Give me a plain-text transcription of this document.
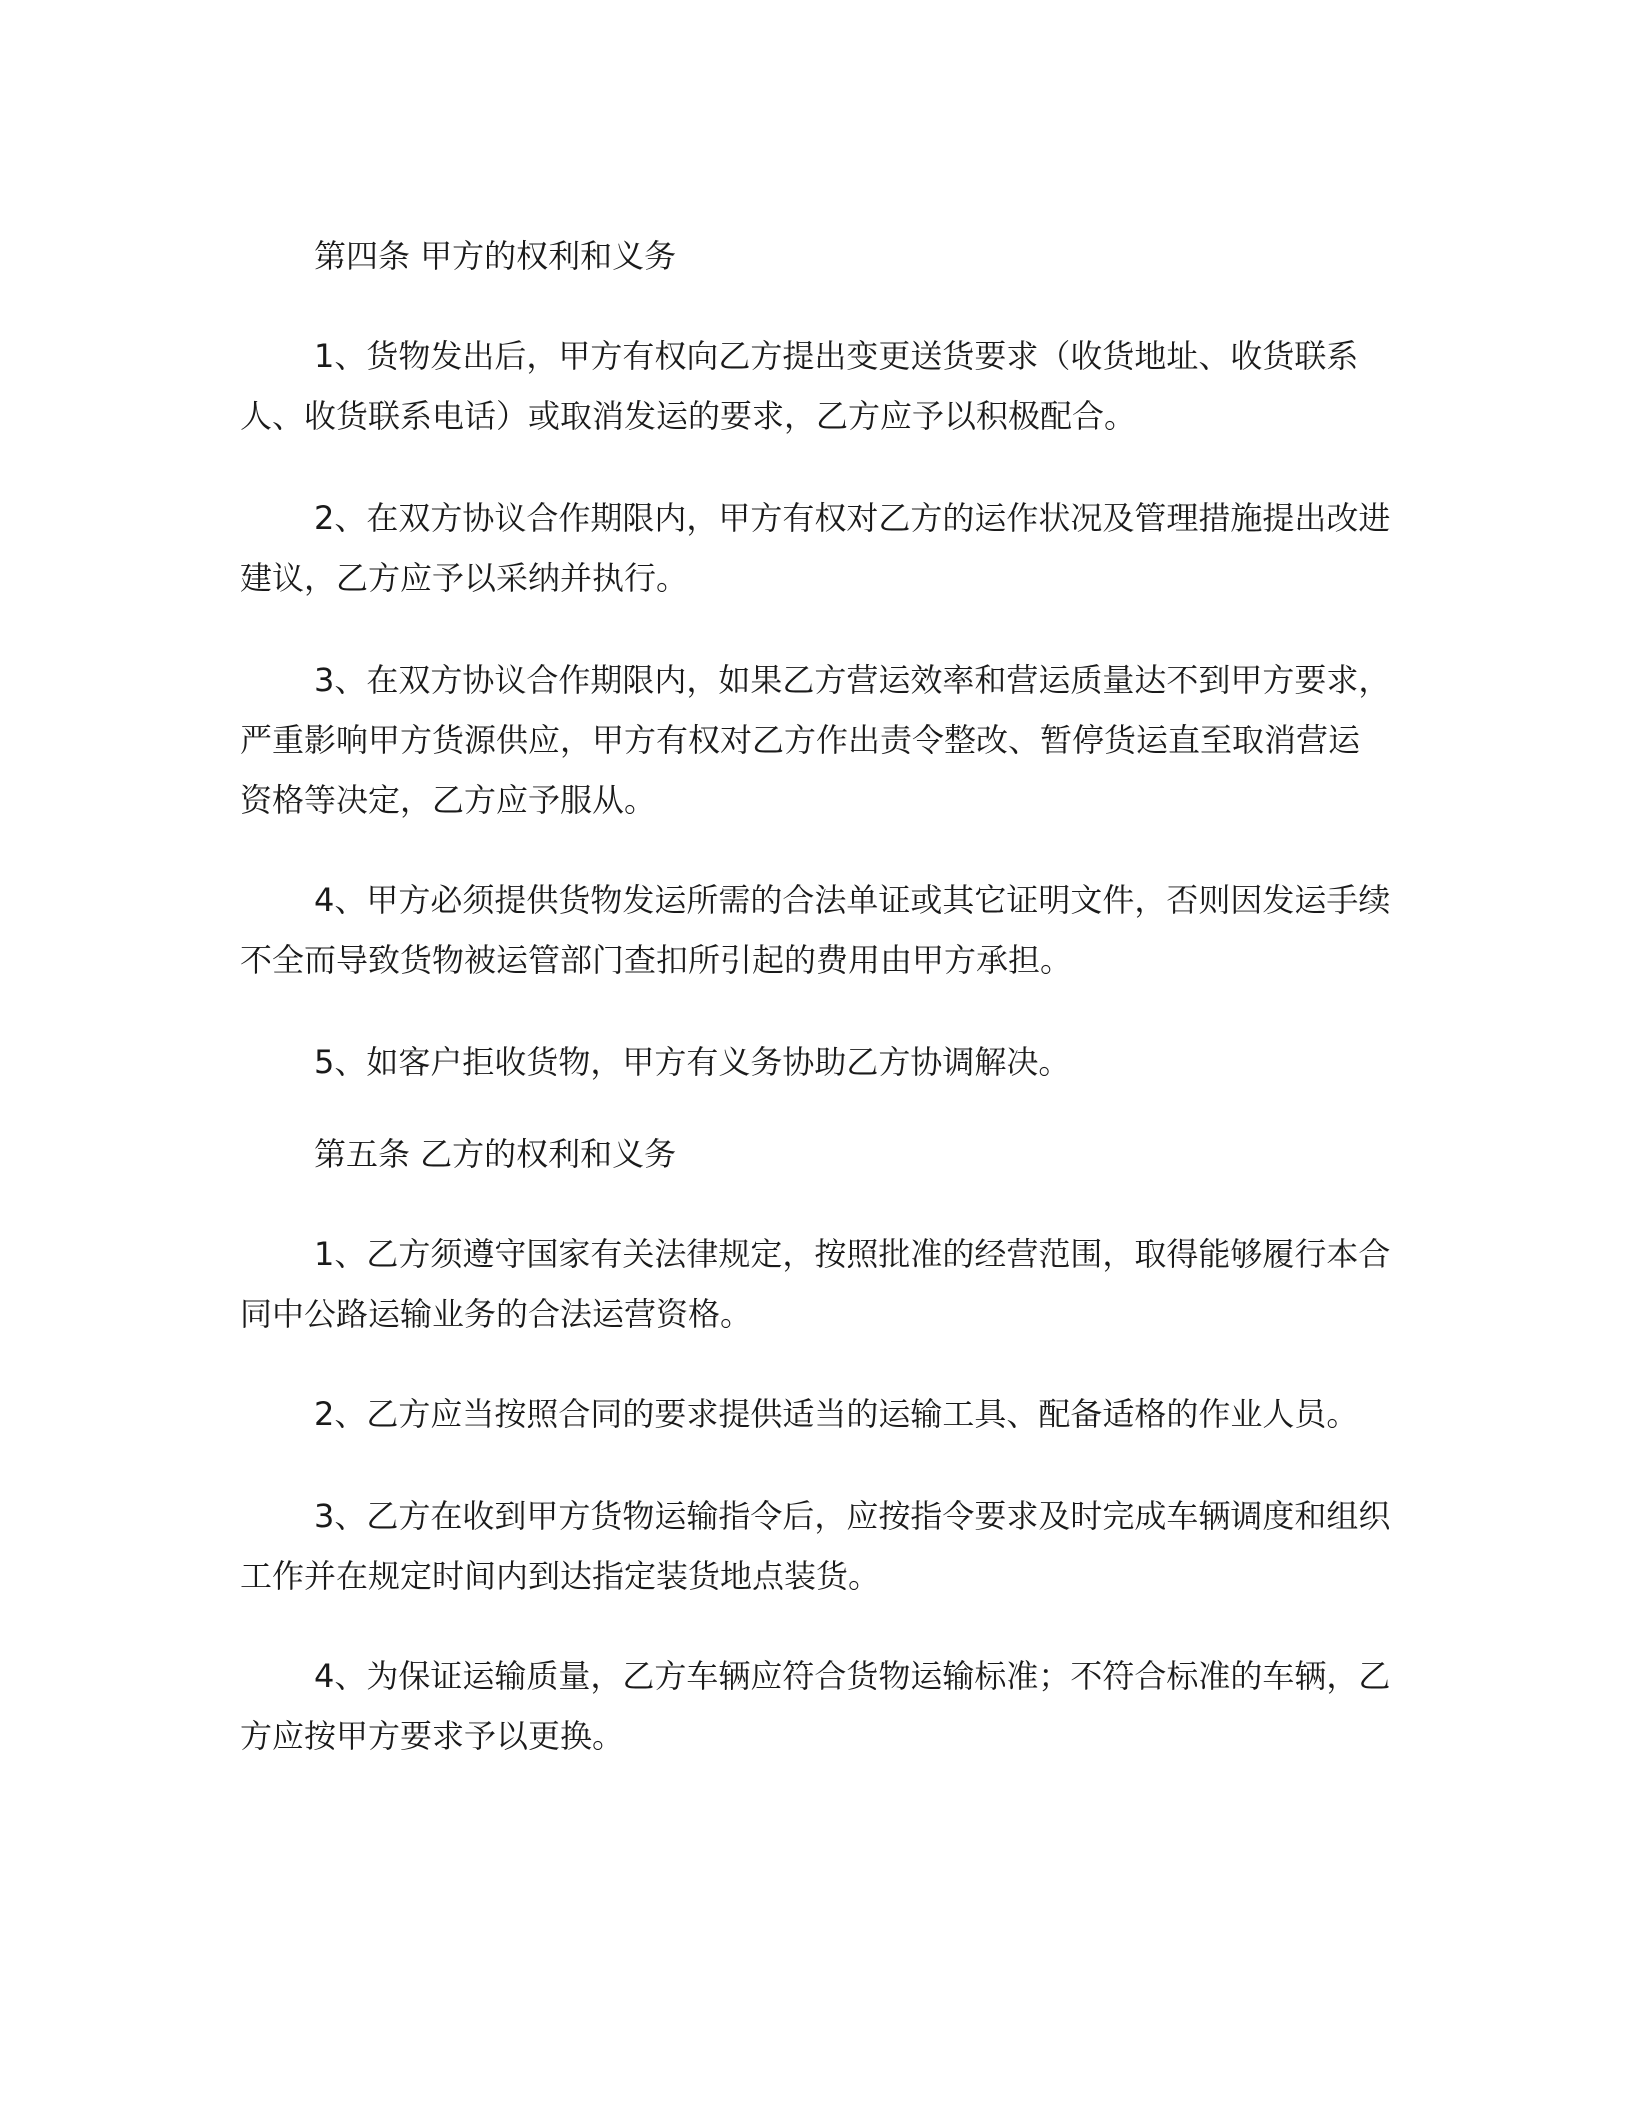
第四条 甲方的权利和义务
1、货物发出后，甲方有权向乙方提出变更送货要求（收货地址、收货联系
人、收货联系电话）或取消发运的要求，乙方应予以积极配合。
2、在双方协议合作期限内，甲方有权对乙方的运作状况及管理措施提出改进
建议，乙方应予以采纳并执行。
3、在双方协议合作期限内，如果乙方营运效率和营运质量达不到甲方要求，
严重影响甲方货源供应，甲方有权对乙方作出责令整改、暂停货运直至取消营运
资格等决定，乙方应予服从。
4、甲方必须提供货物发运所需的合法单证或其它证明文件，否则因发运手续
不全而导致货物被运管部门查扣所引起的费用由甲方承担。
5、如客户拒收货物，甲方有义务协助乙方协调解决。
第五条 乙方的权利和义务
1、乙方须遵守国家有关法律规定，按照批准的经营范围，取得能够履行本合
同中公路运输业务的合法运营资格。
2、乙方应当按照合同的要求提供适当的运输工具、配备适格的作业人员。
3、乙方在收到甲方货物运输指令后，应按指令要求及时完成车辆调度和组织
工作并在规定时间内到达指定装货地点装货。
4、为保证运输质量，乙方车辆应符合货物运输标准；不符合标准的车辆，乙
方应按甲方要求予以更换。
